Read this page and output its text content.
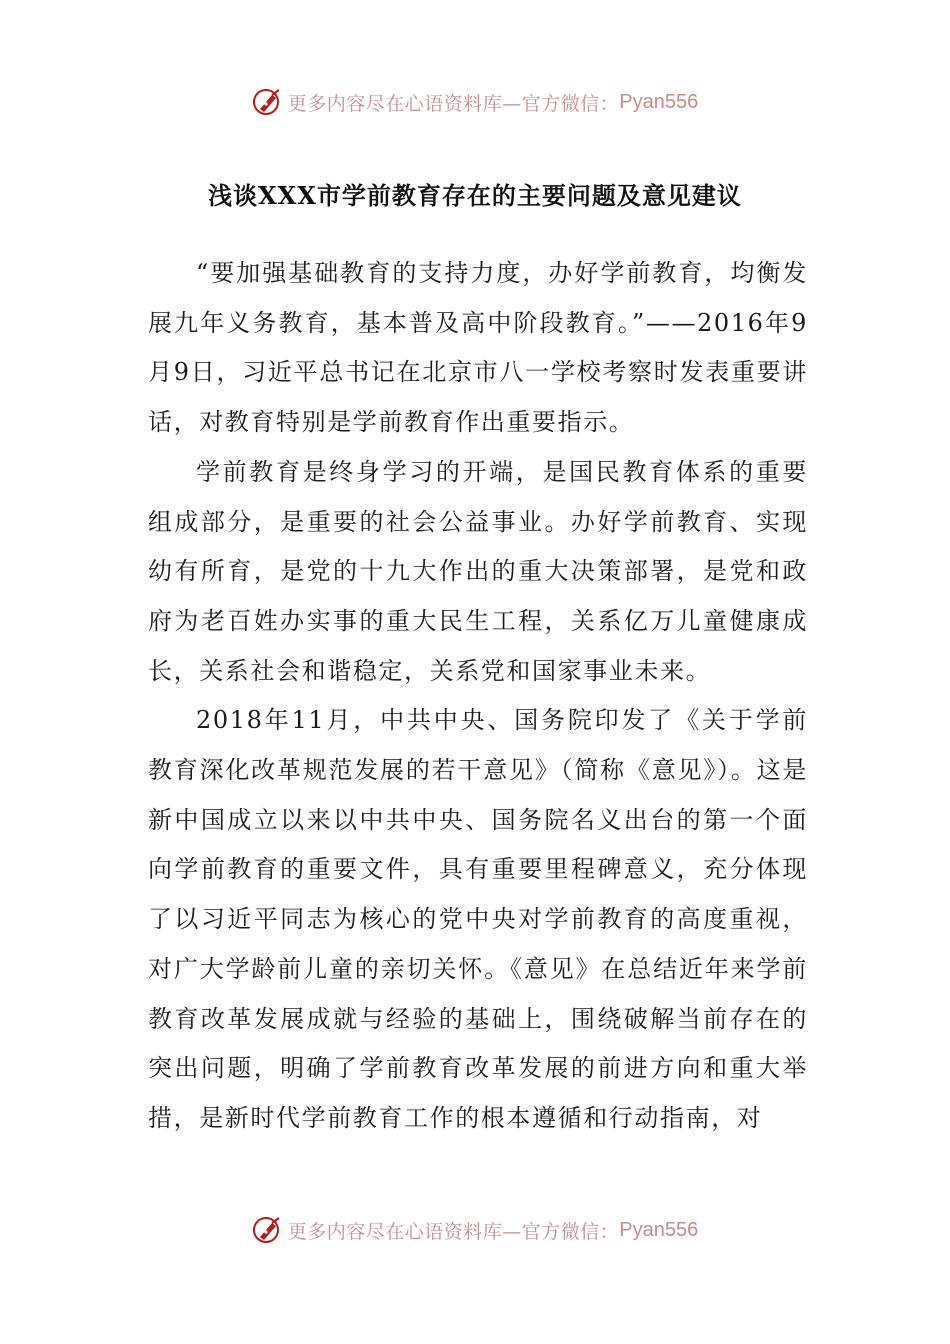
更多内容尽在心语资料库—官方微信： Pyan556
浅谈XXX市学前教育存在的主要问题及意见建议

“要加强基础教育的支持力度，办好学前教育，均衡发展九年义务教育，基本普及高中阶段教育。”——2016年9月9日，习近平总书记在北京市八一学校考察时发表重要讲话，对教育特别是学前教育作出重要指示。

学前教育是终身学习的开端，是国民教育体系的重要组成部分，是重要的社会公益事业。办好学前教育、实现幼有所育，是党的十九大作出的重大决策部署，是党和政府为老百姓办实事的重大民生工程，关系亿万儿童健康成长，关系社会和谐稳定，关系党和国家事业未来。

2018年11月，中共中央、国务院印发了《关于学前教育深化改革规范发展的若干意见》（简称《意见》）。这是新中国成立以来以中共中央、国务院名义出台的第一个面向学前教育的重要文件，具有重要里程碑意义，充分体现了以习近平同志为核心的党中央对学前教育的高度重视，对广大学龄前儿童的亲切关怀。《意见》在总结近年来学前教育改革发展成就与经验的基础上，围绕破解当前存在的突出问题，明确了学前教育改革发展的前进方向和重大举措，是新时代学前教育工作的根本遵循和行动指南，对

更多内容尽在心语资料库—官方微信： Pyan556
